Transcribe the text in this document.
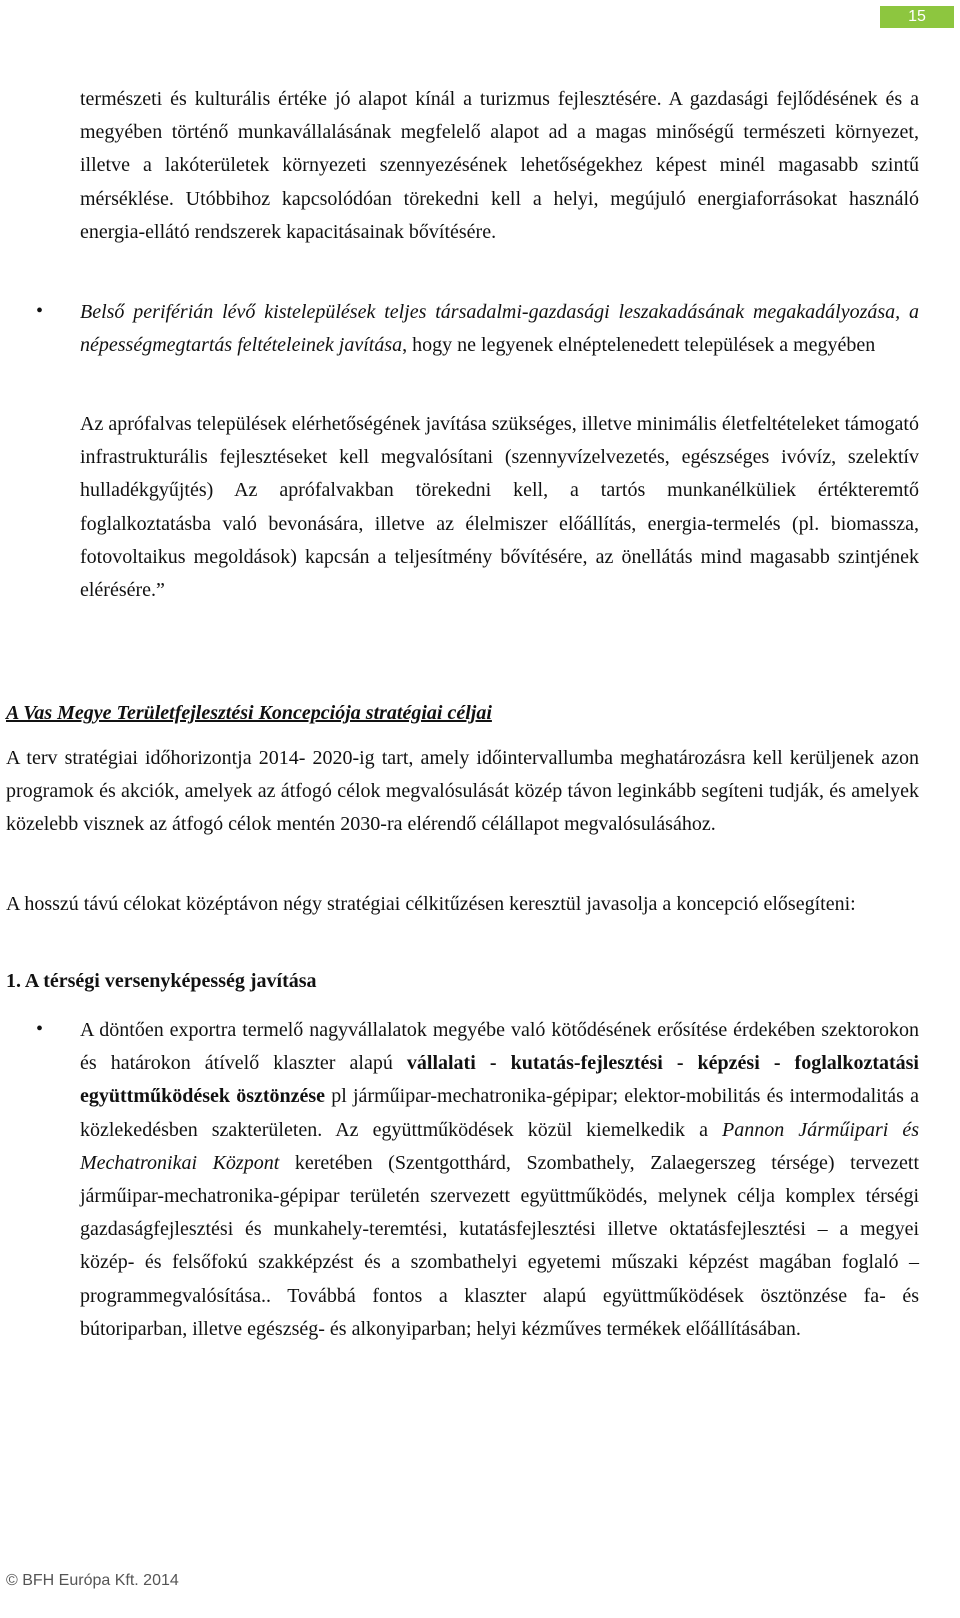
15

természeti és kulturális értéke jó alapot kínál a turizmus fejlesztésére. A gazdasági fejlődésének és a megyében történő munkavállalásának megfelelő alapot ad a magas minőségű természeti környezet, illetve a lakóterületek környezeti szennyezésének lehetőségekhez képest minél magasabb szintű mérséklése. Utóbbihoz kapcsolódóan törekedni kell a helyi, megújuló energiaforrásokat használó energia-ellátó rendszerek kapacitásainak bővítésére.

• Belső periférián lévő kistelepülések teljes társadalmi-gazdasági leszakadásának megakadályozása, a népességmegtartás feltételeinek javítása, hogy ne legyenek elnéptelenedett települések a megyében

Az aprófalvas települések elérhetőségének javítása szükséges, illetve minimális életfeltételeket támogató infrastrukturális fejlesztéseket kell megvalósítani (szennyvízelvezetés, egészséges ivóvíz, szelektív hulladékgyűjtés) Az aprófalvakban törekedni kell, a tartós munkanélküliek értékteremtő foglalkoztatásba való bevonására, illetve az élelmiszer előállítás, energia-termelés (pl. biomassza, fotovoltaikus megoldások) kapcsán a teljesítmény bővítésére, az önellátás mind magasabb szintjének elérésére.”

A Vas Megye Területfejlesztési Koncepciója stratégiai céljai

A terv stratégiai időhorizontja 2014- 2020-ig tart, amely időintervallumba meghatározásra kell kerüljenek azon programok és akciók, amelyek az átfogó célok megvalósulását közép távon leginkább segíteni tudják, és amelyek közelebb visznek az átfogó célok mentén 2030-ra elérendő célállapot megvalósulásához.

A hosszú távú célokat középtávon négy stratégiai célkitűzésen keresztül javasolja a koncepció elősegíteni:

1. A térségi versenyképesség javítása

• A döntően exportra termelő nagyvállalatok megyébe való kötődésének erősítése érdekében szektorokon és határokon átívelő klaszter alapú vállalati - kutatás-fejlesztési - képzési - foglalkoztatási együttműködések ösztönzése pl járműipar-mechatronika-gépipar; elektor-mobilitás és intermodalitás a közlekedésben szakterületen. Az együttműködések közül kiemelkedik a Pannon Járműipari és Mechatronikai Központ keretében (Szentgotthárd, Szombathely, Zalaegerszeg térsége) tervezett járműipar-mechatronika-gépipar területén szervezett együttműködés, melynek célja komplex térségi gazdaságfejlesztési és munkahely-teremtési, kutatásfejlesztési illetve oktatásfejlesztési – a megyei közép- és felsőfokú szakképzést és a szombathelyi egyetemi műszaki képzést magában foglaló – programmegvalósítása.. Továbbá fontos a klaszter alapú együttműködések ösztönzése fa- és bútoriparban, illetve egészség- és alkonyiparban; helyi kézműves termékek előállításában.

© BFH Európa Kft. 2014
